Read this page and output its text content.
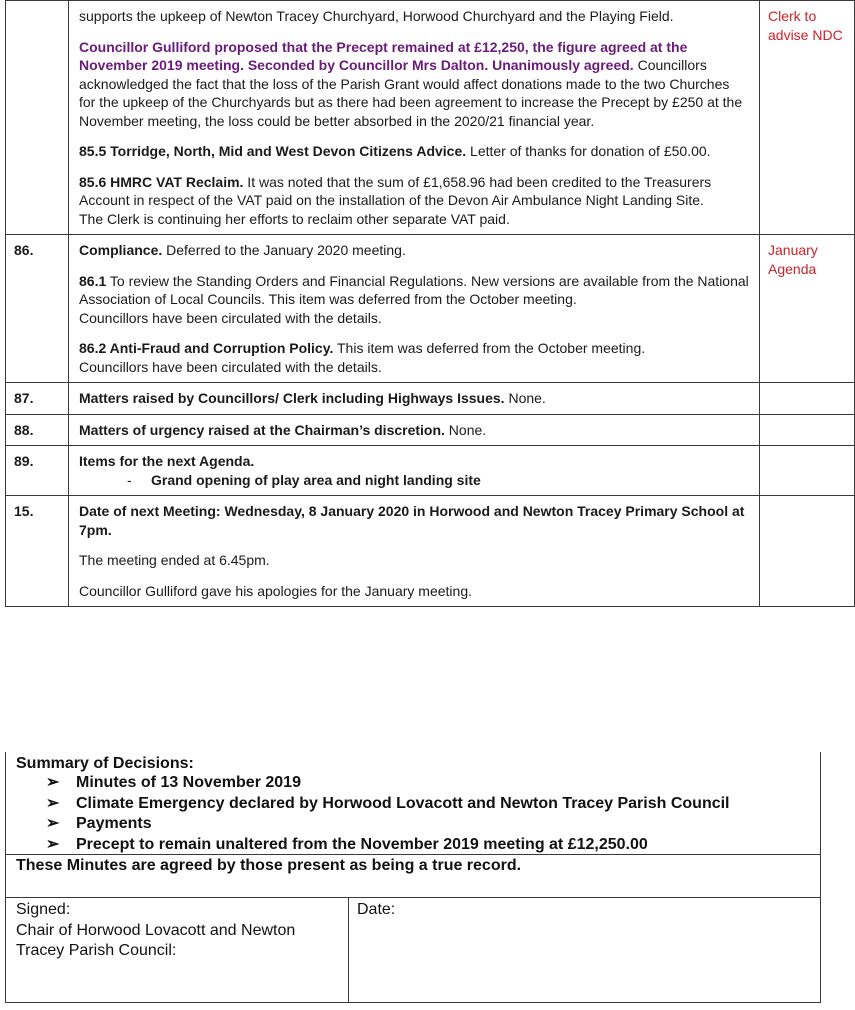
	supports the upkeep of Newton Tracey Churchyard, Horwood Churchyard and the Playing Field.

Councillor Gulliford proposed that the Precept remained at £12,250, the figure agreed at the November 2019 meeting. Seconded by Councillor Mrs Dalton. Unanimously agreed. Councillors acknowledged the fact that the loss of the Parish Grant would affect donations made to the two Churches for the upkeep of the Churchyards but as there had been agreement to increase the Precept by £250 at the November meeting, the loss could be better absorbed in the 2020/21 financial year.

85.5 Torridge, North, Mid and West Devon Citizens Advice. Letter of thanks for donation of £50.00.

85.6 HMRC VAT Reclaim. It was noted that the sum of £1,658.96 had been credited to the Treasurers Account in respect of the VAT paid on the installation of the Devon Air Ambulance Night Landing Site.
The Clerk is continuing her efforts to reclaim other separate VAT paid.	Clerk to advise NDC
86.	Compliance. Deferred to the January 2020 meeting.

86.1 To review the Standing Orders and Financial Regulations. New versions are available from the National Association of Local Councils. This item was deferred from the October meeting.
Councillors have been circulated with the details.

86.2 Anti-Fraud and Corruption Policy. This item was deferred from the October meeting.
Councillors have been circulated with the details.	January Agenda
87.	Matters raised by Councillors/ Clerk including Highways Issues. None.	

88.	Matters of urgency raised at the Chairman’s discretion. None.	

89.	Items for the next Agenda.

- Grand opening of play area and night landing site	

15.	Date of next Meeting: Wednesday, 8 January 2020 in Horwood and Newton Tracey Primary School at 7pm.

The meeting ended at 6.45pm.

Councillor Gulliford gave his apologies for the January meeting.	

Summary of Decisions:
➢ Minutes of 13 November 2019
➢ Climate Emergency declared by Horwood Lovacott and Newton Tracey Parish Council
➢ Payments
➢ Precept to remain unaltered from the November 2019 meeting at £12,250.00
These Minutes are agreed by those present as being a true record.
Signed:
Chair of Horwood Lovacott and Newton Tracey Parish Council:
Date:
